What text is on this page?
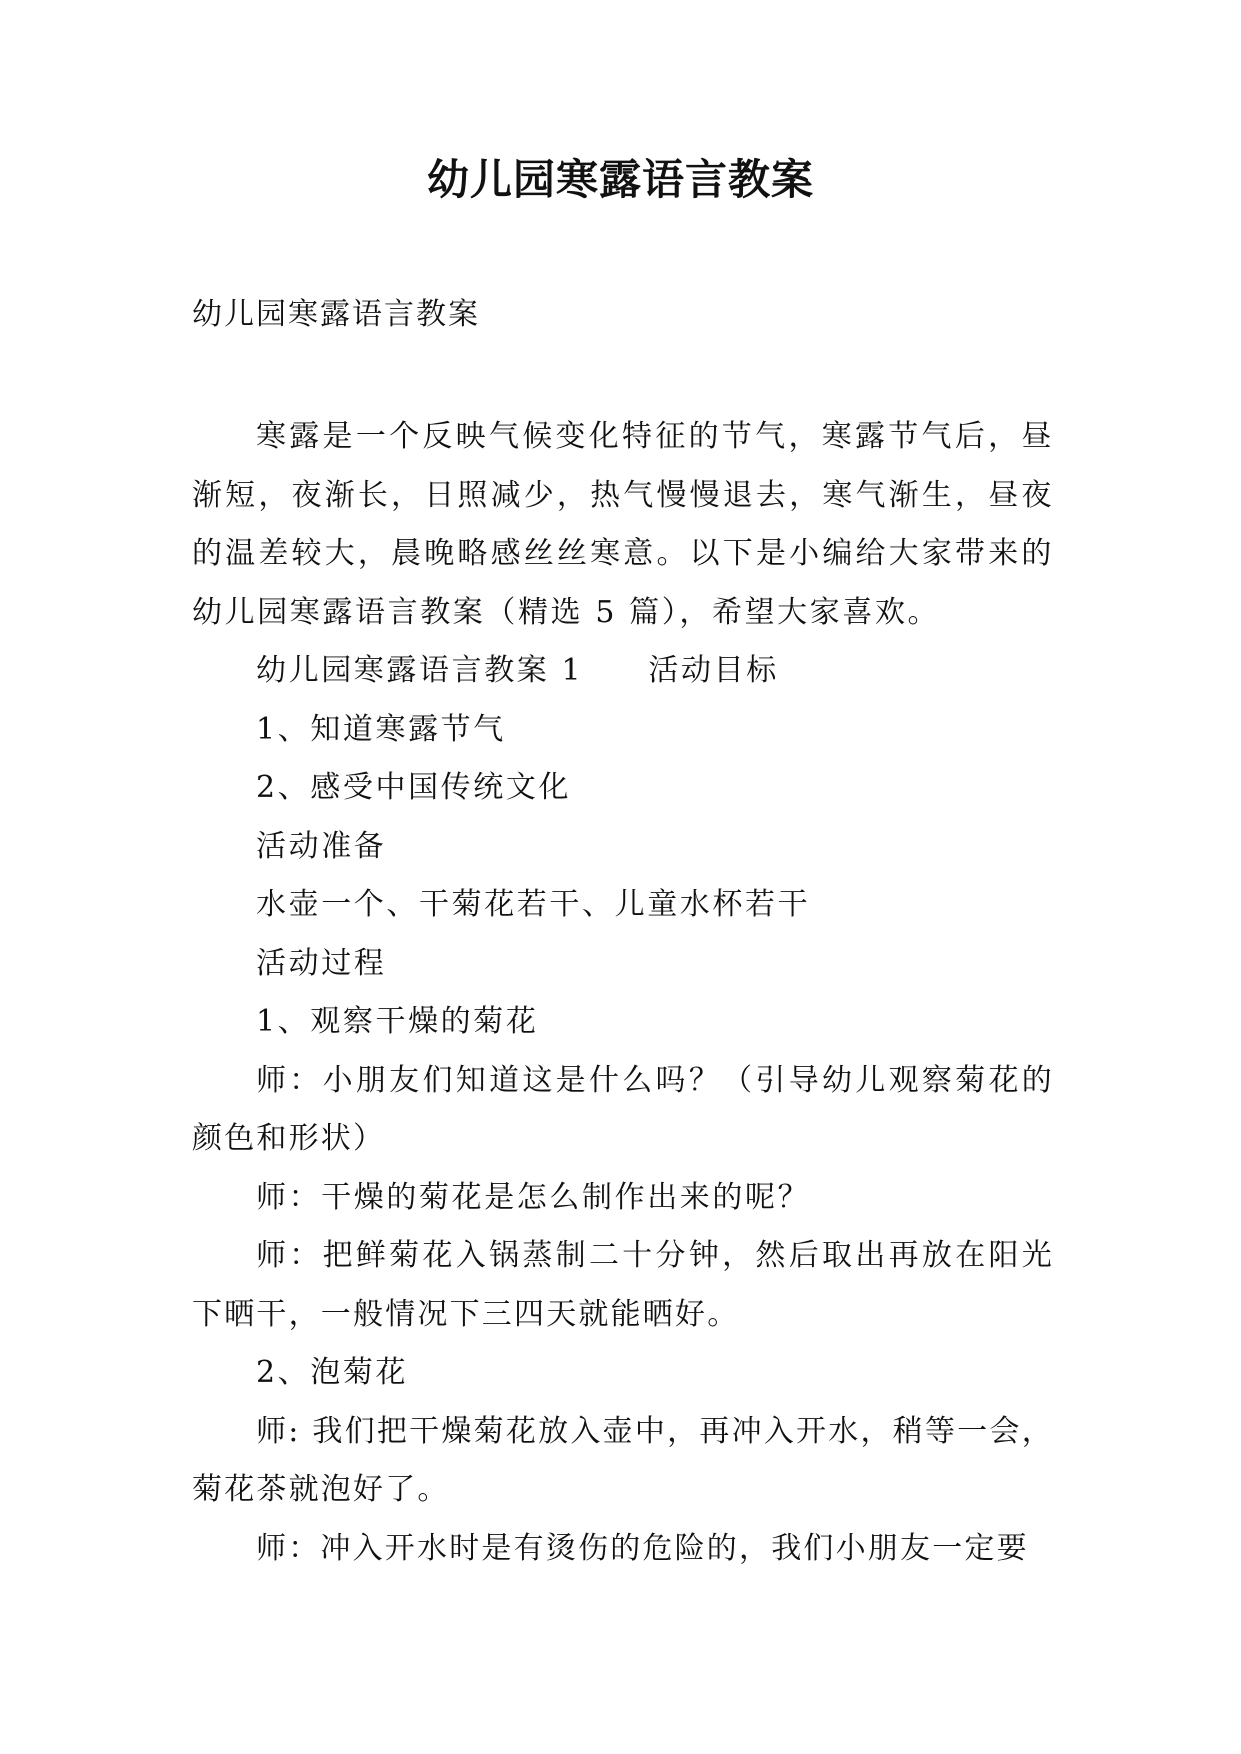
幼儿园寒露语言教案

幼儿园寒露语言教案

寒露是一个反映气候变化特征的节气，寒露节气后，昼渐短，夜渐长，日照减少，热气慢慢退去，寒气渐生，昼夜的温差较大，晨晚略感丝丝寒意。以下是小编给大家带来的幼儿园寒露语言教案（精选 5 篇），希望大家喜欢。

幼儿园寒露语言教案 1　　活动目标

1、知道寒露节气

2、感受中国传统文化

活动准备

水壶一个、干菊花若干、儿童水杯若干

活动过程

1、观察干燥的菊花

师：小朋友们知道这是什么吗？（引导幼儿观察菊花的颜色和形状）

师：干燥的菊花是怎么制作出来的呢？

师：把鲜菊花入锅蒸制二十分钟，然后取出再放在阳光下晒干，一般情况下三四天就能晒好。

2、泡菊花

师: 我们把干燥菊花放入壶中，再冲入开水，稍等一会，菊花茶就泡好了。

师：冲入开水时是有烫伤的危险的，我们小朋友一定要
